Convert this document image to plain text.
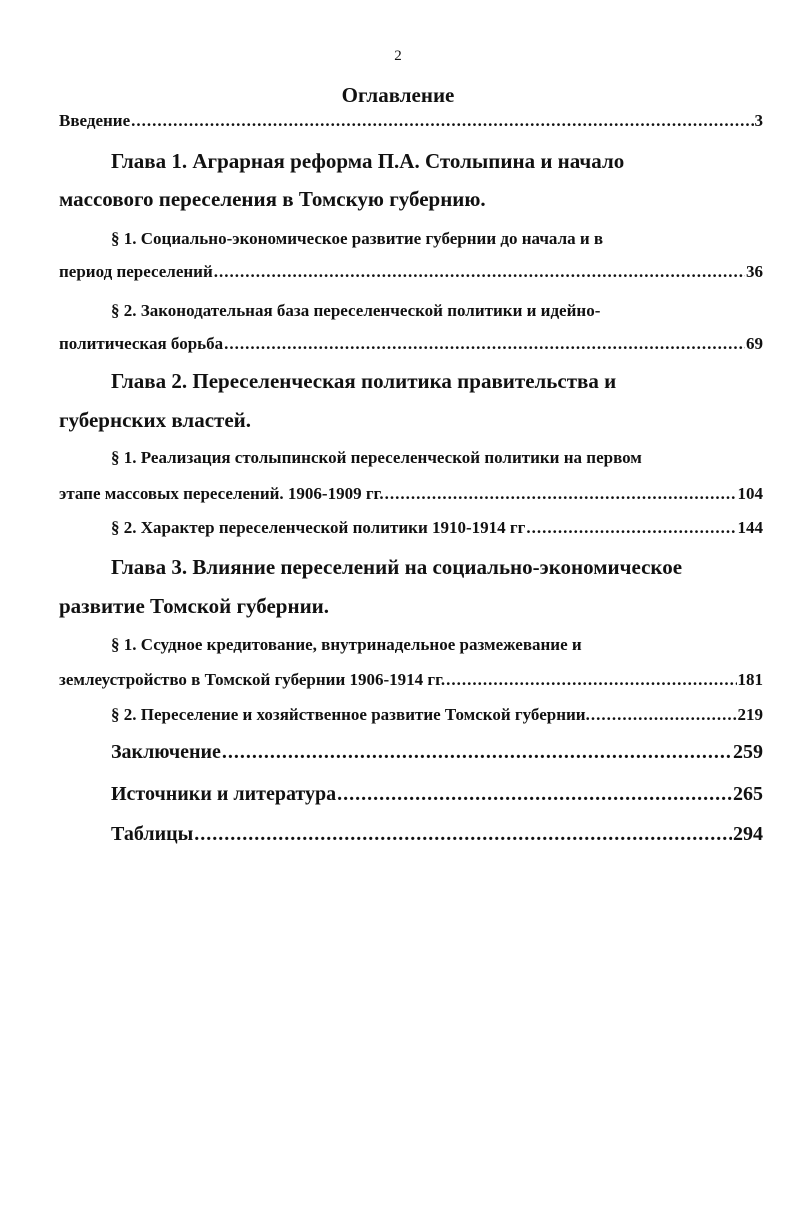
2
Оглавление
Введение .....	3
Глава 1. Аграрная реформа П.А. Столыпина и начало
массового переселения в Томскую губернию.
§ 1. Социально-экономическое развитие губернии до начала и в
период переселений .....	36
§ 2. Законодательная база переселенческой политики и идейно-
политическая борьба .....	69
Глава 2. Переселенческая политика правительства и
губернских властей.
§ 1. Реализация столыпинской переселенческой политики на первом
этапе массовых переселений. 1906-1909 гг. .....	104
§ 2. Характер переселенческой политики 1910-1914 гг .....	144
Глава 3. Влияние переселений на социально-экономическое
развитие Томской губернии.
§ 1. Ссудное кредитование, внутринадельное размежевание и
землеустройство в Томской губернии 1906-1914 гг. .....	181
§ 2. Переселение и хозяйственное развитие Томской губернии. .....	219
Заключение .....	259
Источники и литература .....	265
Таблицы .....	294
